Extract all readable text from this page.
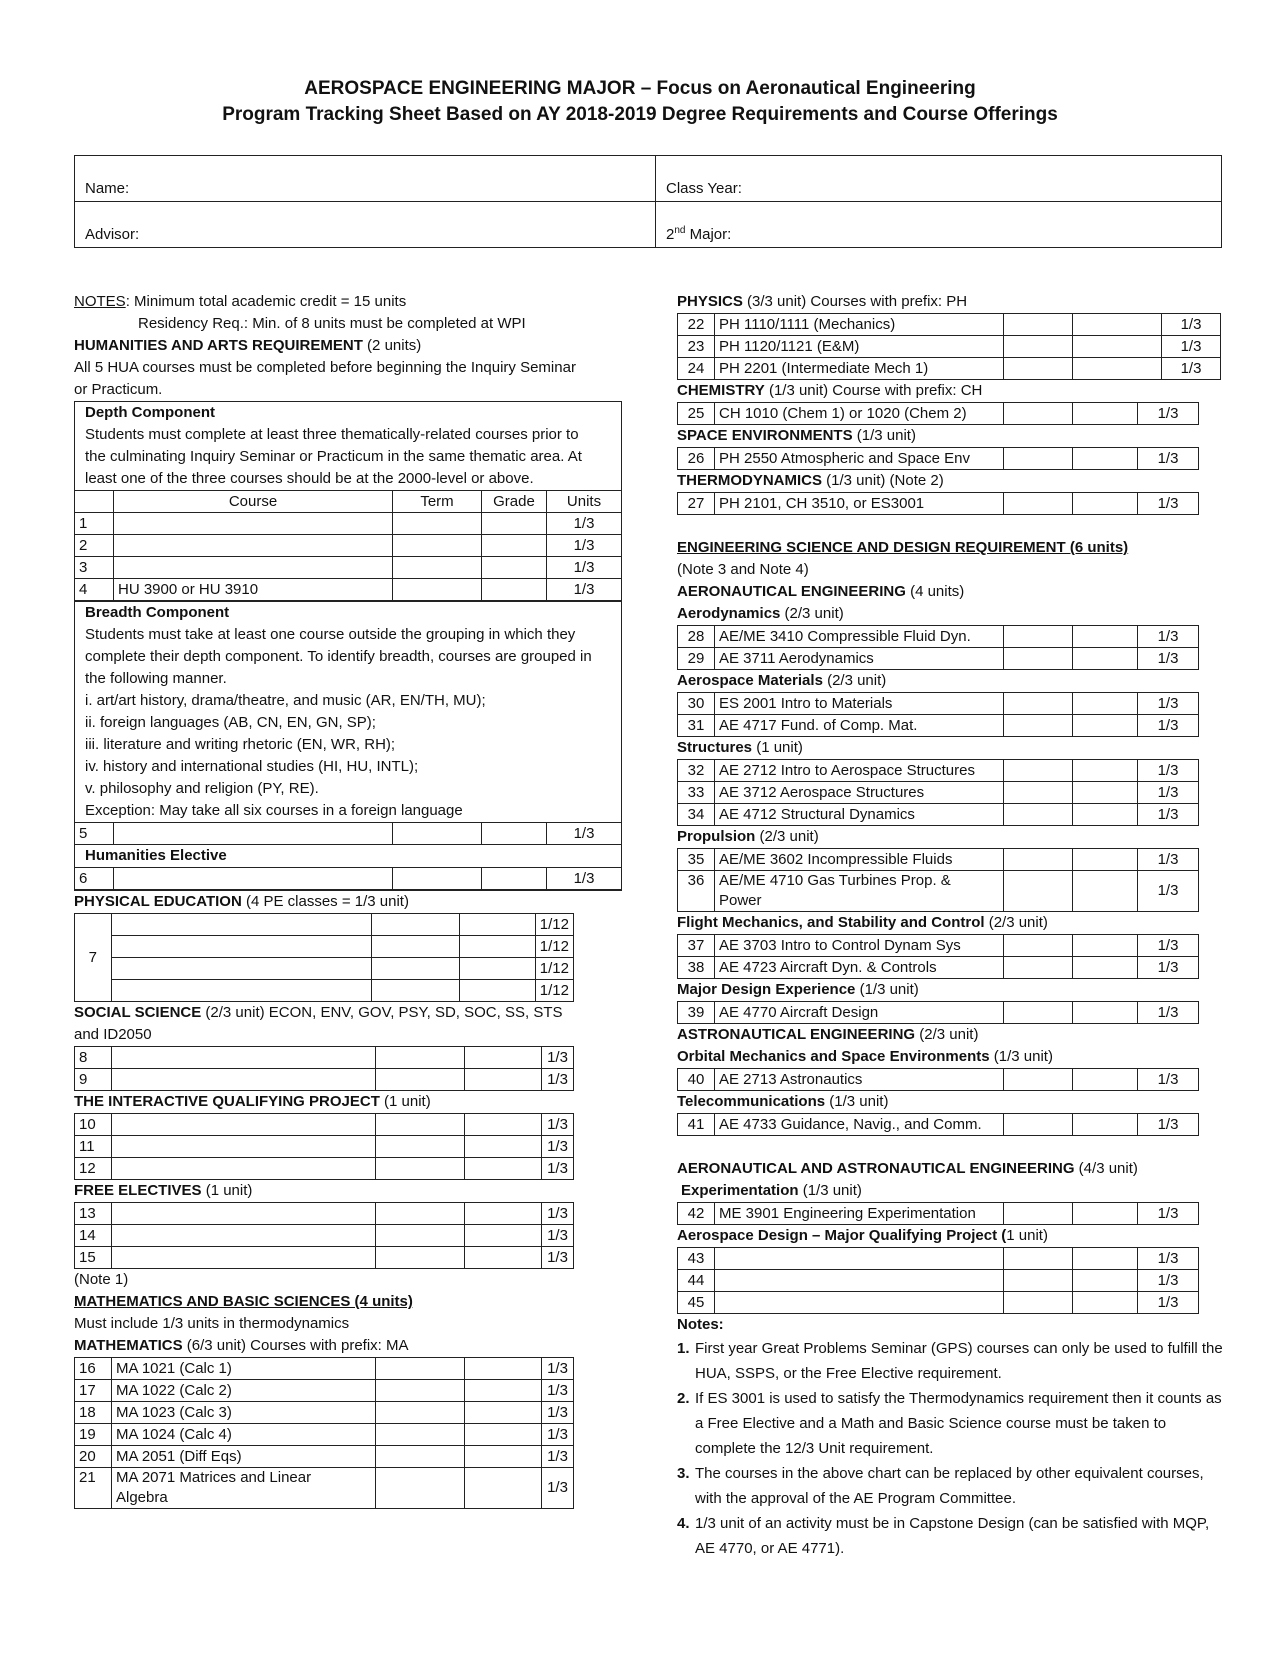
AEROSPACE ENGINEERING MAJOR – Focus on Aeronautical Engineering
Program Tracking Sheet Based on AY 2018-2019 Degree Requirements and Course Offerings
Name:	Class Year:
Advisor:	2nd Major:

NOTES: Minimum total academic credit = 15 units

Residency Req.: Min. of 8 units must be completed at WPI

HUMANITIES AND ARTS REQUIREMENT (2 units)

All 5 HUA courses must be completed before beginning the Inquiry Seminar

or Practicum.

Depth Component
Students must complete at least three thematically-related courses prior to
the culminating Inquiry Seminar or Practicum in the same thematic area. At
least one of the three courses should be at the 2000-level or above.
	Course	Term	Grade	Units
1				1/3
2				1/3
3				1/3
4	HU 3900 or HU 3910			1/3
Breadth Component
Students must take at least one course outside the grouping in which they
complete their depth component. To identify breadth, courses are grouped in
the following manner.
i. art/art history, drama/theatre, and music (AR, EN/TH, MU);
ii. foreign languages (AB, CN, EN, GN, SP);
iii. literature and writing rhetoric (EN, WR, RH);
iv. history and international studies (HI, HU, INTL);
v. philosophy and religion (PY, RE).
Exception: May take all six courses in a foreign language
5				1/3
Humanities Elective
6				1/3

PHYSICAL EDUCATION (4 PE classes = 1/3 unit)

7				1/12
				1/12
				1/12
				1/12

SOCIAL SCIENCE (2/3 unit) ECON, ENV, GOV, PSY, SD, SOC, SS, STS

and ID2050

8				1/3
9				1/3

THE INTERACTIVE QUALIFYING PROJECT (1 unit)

10				1/3
11				1/3
12				1/3

FREE ELECTIVES (1 unit)

13				1/3
14				1/3
15				1/3

(Note 1)

MATHEMATICS AND BASIC SCIENCES (4 units)

Must include 1/3 units in thermodynamics

MATHEMATICS (6/3 unit) Courses with prefix: MA

16	MA 1021 (Calc 1)			1/3
17	MA 1022 (Calc 2)			1/3
18	MA 1023 (Calc 3)			1/3
19	MA 1024 (Calc 4)			1/3
20	MA 2051 (Diff Eqs)			1/3
21	MA 2071 Matrices and Linear
Algebra			1/3

PHYSICS (3/3 unit) Courses with prefix: PH

22	PH 1110/1111 (Mechanics)			1/3
23	PH 1120/1121 (E&M)			1/3
24	PH 2201 (Intermediate Mech 1)			1/3

CHEMISTRY (1/3 unit) Course with prefix: CH

25	CH 1010 (Chem 1) or 1020 (Chem 2)			1/3

SPACE ENVIRONMENTS (1/3 unit)

26	PH 2550 Atmospheric and Space Env			1/3

THERMODYNAMICS (1/3 unit) (Note 2)

27	PH 2101, CH 3510, or ES3001			1/3

ENGINEERING SCIENCE AND DESIGN REQUIREMENT (6 units)

(Note 3 and Note 4)

AERONAUTICAL ENGINEERING (4 units)

Aerodynamics (2/3 unit)

28	AE/ME 3410 Compressible Fluid Dyn.			1/3
29	AE 3711 Aerodynamics			1/3

Aerospace Materials (2/3 unit)

30	ES 2001 Intro to Materials			1/3
31	AE 4717 Fund. of Comp. Mat.			1/3

Structures (1 unit)

32	AE 2712 Intro to Aerospace Structures			1/3
33	AE 3712 Aerospace Structures			1/3
34	AE 4712 Structural Dynamics			1/3

Propulsion (2/3 unit)

35	AE/ME 3602 Incompressible Fluids			1/3
36	AE/ME 4710 Gas Turbines Prop. &
Power			1/3

Flight Mechanics, and Stability and Control (2/3 unit)

37	AE 3703 Intro to Control Dynam Sys			1/3
38	AE 4723 Aircraft Dyn. & Controls			1/3

Major Design Experience (1/3 unit)

39	AE 4770 Aircraft Design			1/3

ASTRONAUTICAL ENGINEERING (2/3 unit)

Orbital Mechanics and Space Environments (1/3 unit)

40	AE 2713 Astronautics			1/3

Telecommunications (1/3 unit)

41	AE 4733 Guidance, Navig., and Comm.			1/3

AERONAUTICAL AND ASTRONAUTICAL ENGINEERING (4/3 unit)

Experimentation (1/3 unit)

42	ME 3901 Engineering Experimentation			1/3

Aerospace Design – Major Qualifying Project (1 unit)

43				1/3
44				1/3
45				1/3

Notes:

1. First year Great Problems Seminar (GPS) courses can only be used to fulfill the HUA, SSPS, or the Free Elective requirement.
2. If ES 3001 is used to satisfy the Thermodynamics requirement then it counts as a Free Elective and a Math and Basic Science course must be taken to complete the 12/3 Unit requirement.
3. The courses in the above chart can be replaced by other equivalent courses, with the approval of the AE Program Committee.
4. 1/3 unit of an activity must be in Capstone Design (can be satisfied with MQP, AE 4770, or AE 4771).
